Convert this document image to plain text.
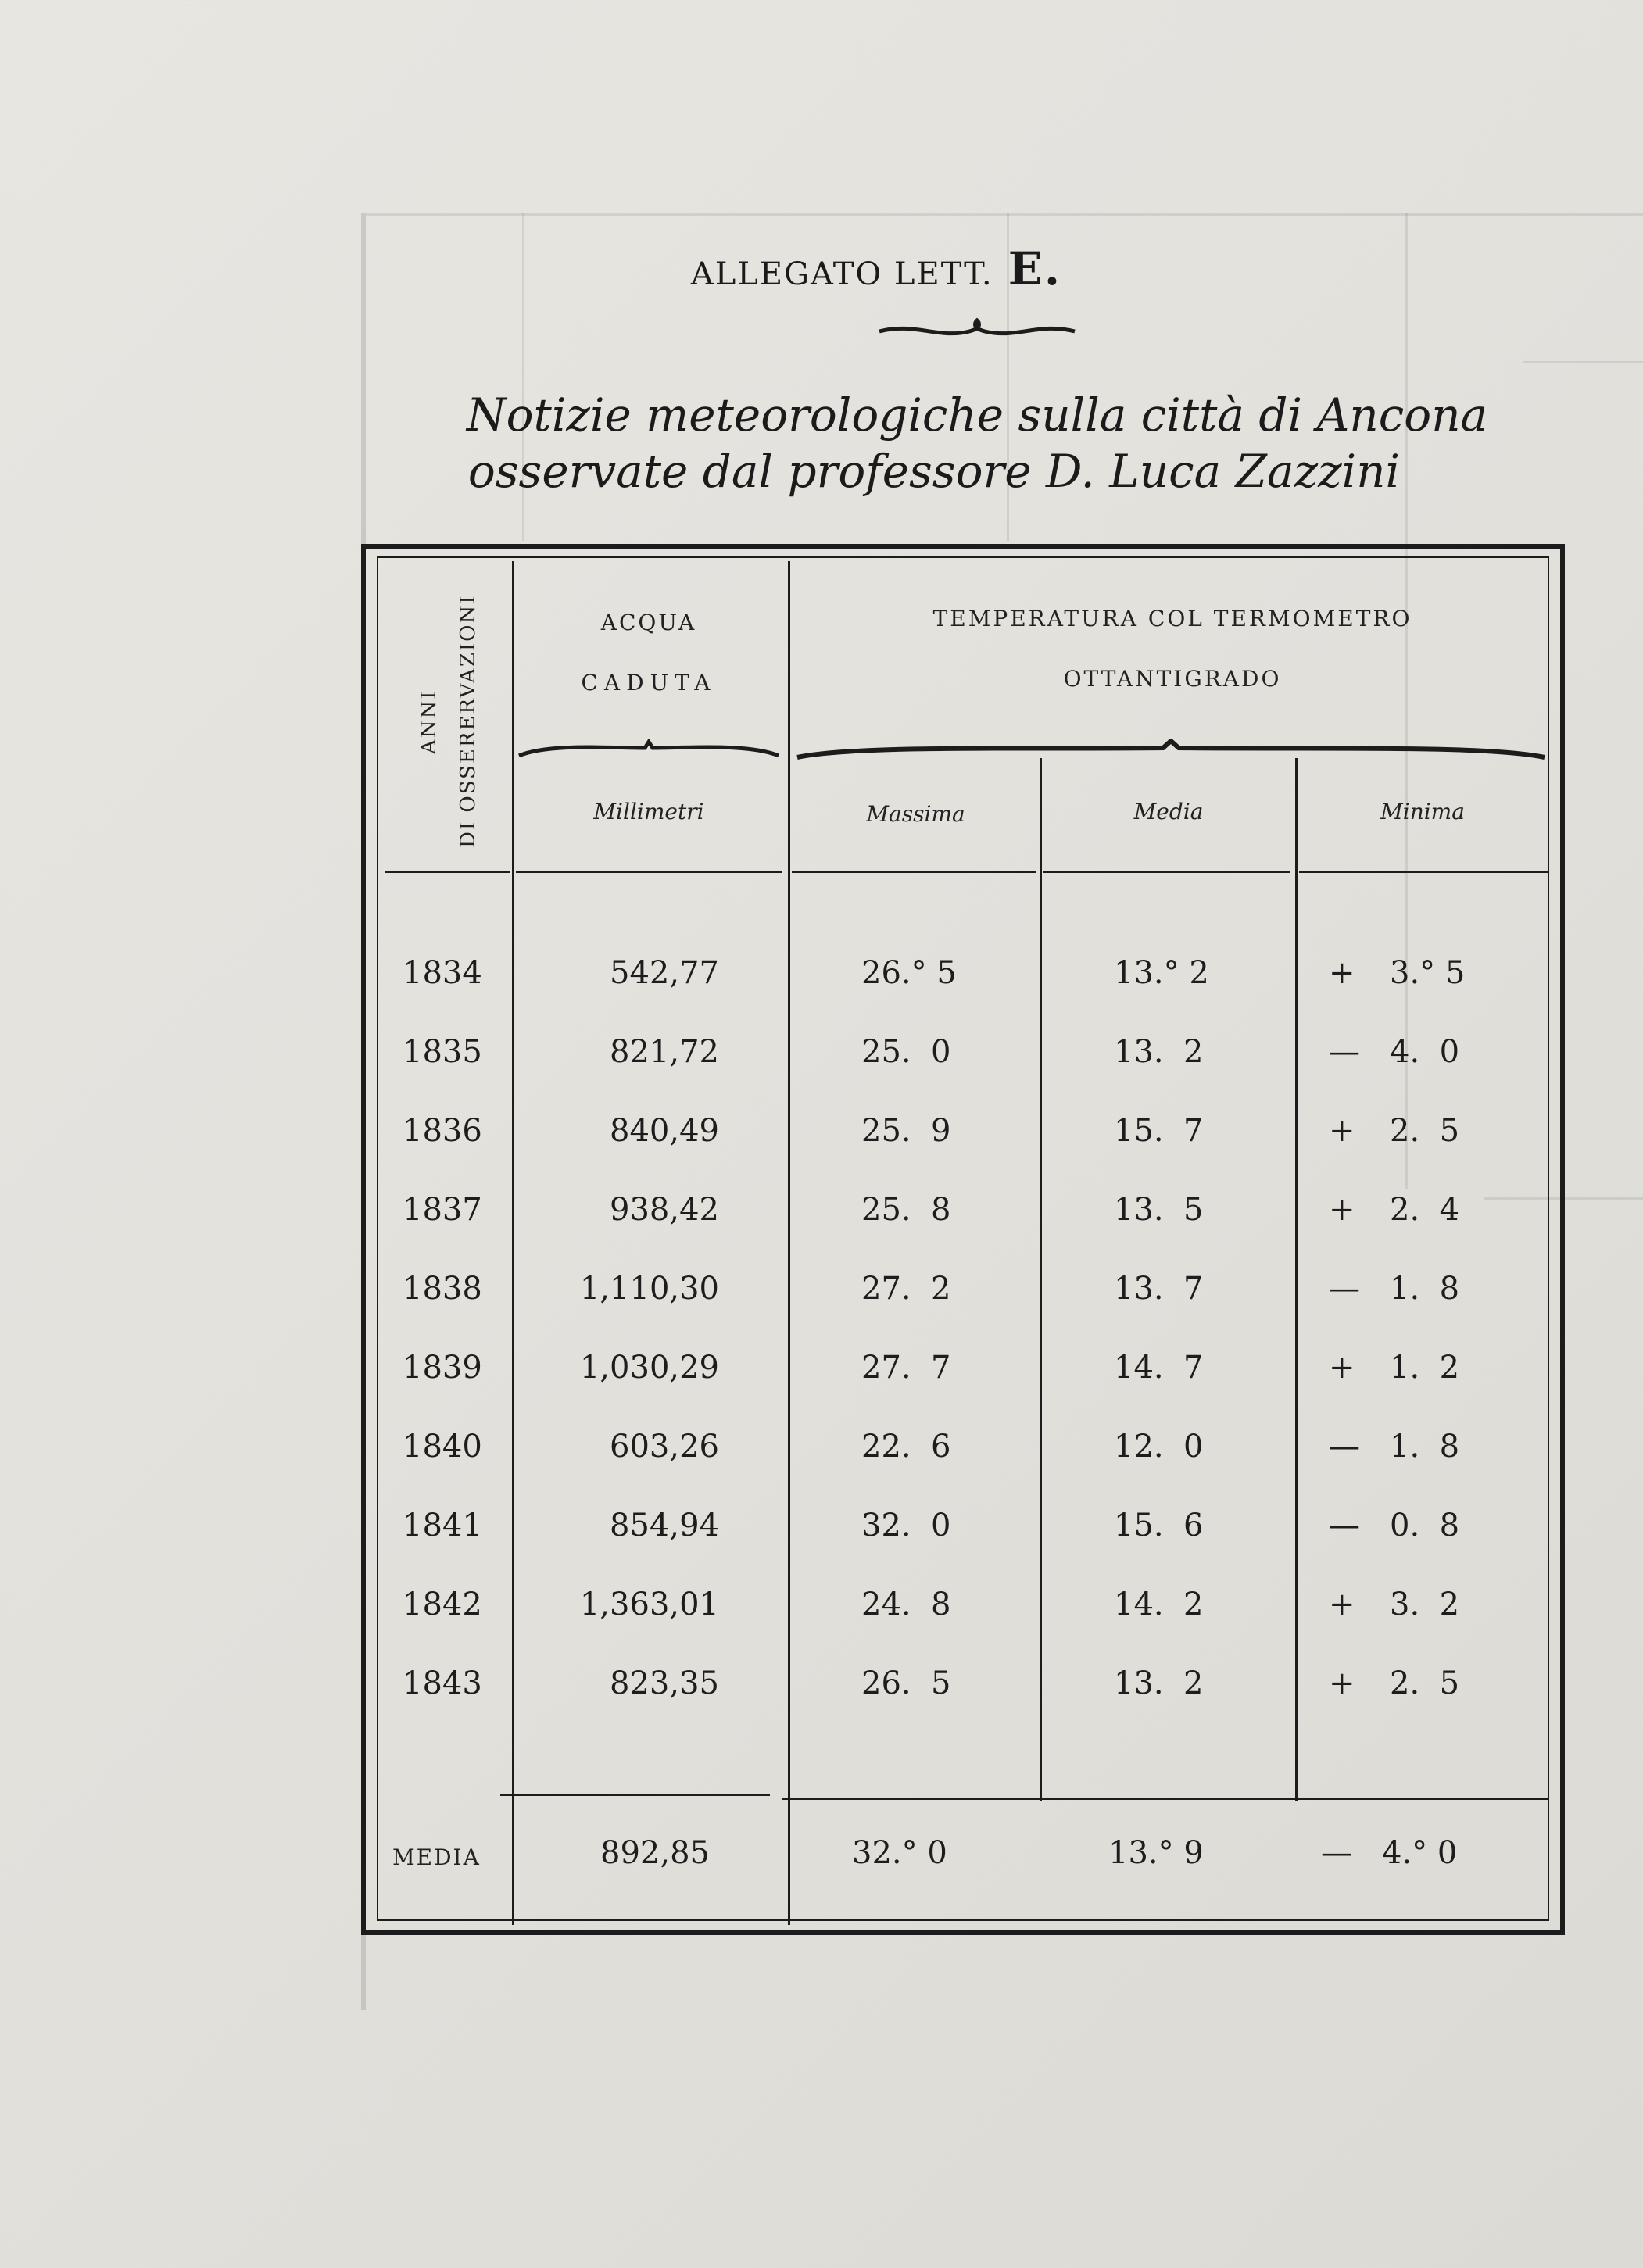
ALLEGATO LETT. E.
Notizie meteorologiche sulla città di Ancona
osservate dal professore D. Luca Zazzini
ANNI DI OSSERERVAZIONI	ACQUA
CADUTA
TEMPERATURA COL TERMOMETRO
OTTANTIGRADO
Millimetri	Massima	Media	Minima
1834	542,77	26.° 5	13.° 2	+ 3.° 5
1835	821,72	25.  0	13.  2	— 4.  0
1836	840,49	25.  9	15.  7	+ 2.  5
1837	938,42	25.  8	13.  5	+ 2.  4
1838	1,110,30	27.  2	13.  7	— 1.  8
1839	1,030,29	27.  7	14.  7	+ 1.  2
1840	603,26	22.  6	12.  0	— 1.  8
1841	854,94	32.  0	15.  6	— 0.  8
1842	1,363,01	24.  8	14.  2	+ 3.  2
1843	823,35	26.  5	13.  2	+ 2.  5
MEDIA	892,85	32.° 0	13.° 9	— 4.° 0
